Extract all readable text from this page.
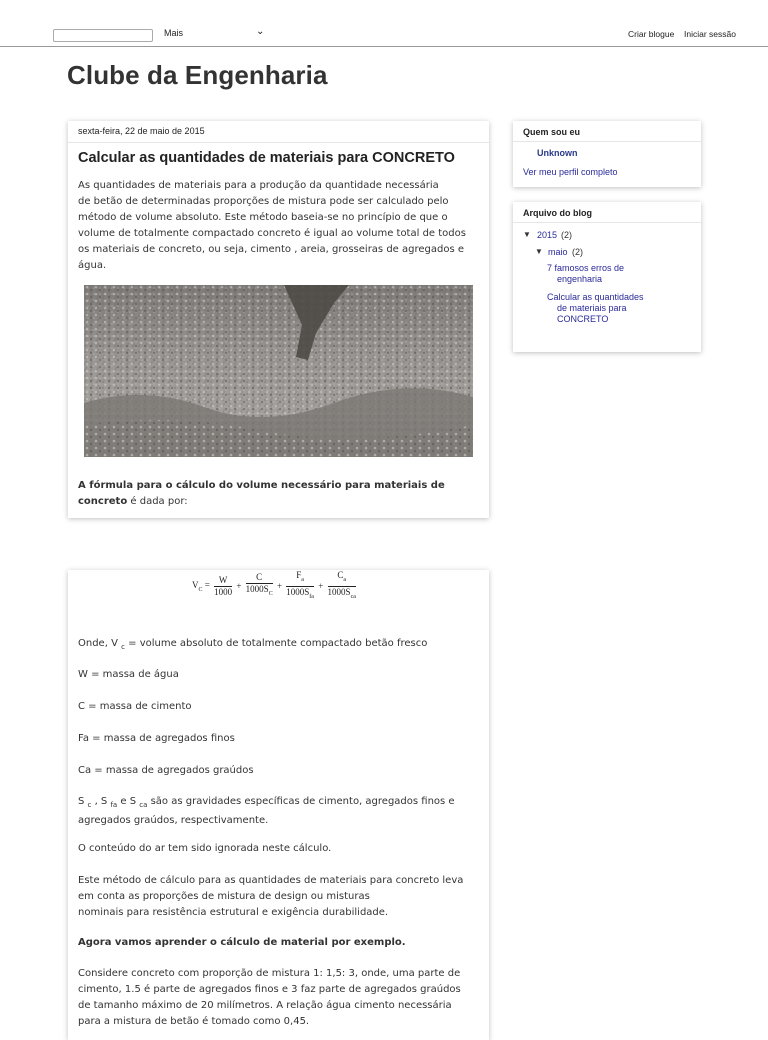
Mais	⌄	Criar blogue Iniciar sessão
Clube da Engenharia
sexta-feira, 22 de maio de 2015
Calcular as quantidades de materiais para CONCRETO
As quantidades de materiais para a produção da quantidade necessária
de betão de determinadas proporções de mistura pode ser calculado pelo
método de volume absoluto. Este método baseia-se no princípio de que o
volume de totalmente compactado concreto é igual ao volume total de todos
os materiais de concreto, ou seja, cimento , areia, grosseiras de agregados e
água.
A fórmula para o cálculo do volume necessário para materiais de
concreto é dada por:
$V_C = \frac{W}{1000} + \frac{C}{1000S_C} + \frac{F_a}{1000S_{fa}} + \frac{C_a}{1000S_{ca}}$
Onde, V $_c$ = volume absoluto de totalmente compactado betão fresco
W = massa de água
C = massa de cimento
Fa = massa de agregados finos
Ca = massa de agregados graúdos
S $_c$ , S $_{fa}$ e S $_{ca}$ são as gravidades específicas de cimento, agregados finos e
agregados graúdos, respectivamente.
O conteúdo do ar tem sido ignorada neste cálculo.
Este método de cálculo para as quantidades de materiais para concreto leva
em conta as proporções de mistura de design ou misturas
nominais para resistência estrutural e exigência durabilidade.
Agora vamos aprender o cálculo de material por exemplo.
Considere concreto com proporção de mistura 1: 1,5: 3, onde, uma parte de
cimento, 1.5 é parte de agregados finos e 3 faz parte de agregados graúdos
de tamanho máximo de 20 milímetros. A relação água cimento necessária
para a mistura de betão é tomado como 0,45.
Quem sou eu
Unknown
Ver meu perfil completo
Arquivo do blog
▼ 2015 (2)
▼ maio (2)
7 famosos erros de
engenharia
Calcular as quantidades
de materiais para
CONCRETO
